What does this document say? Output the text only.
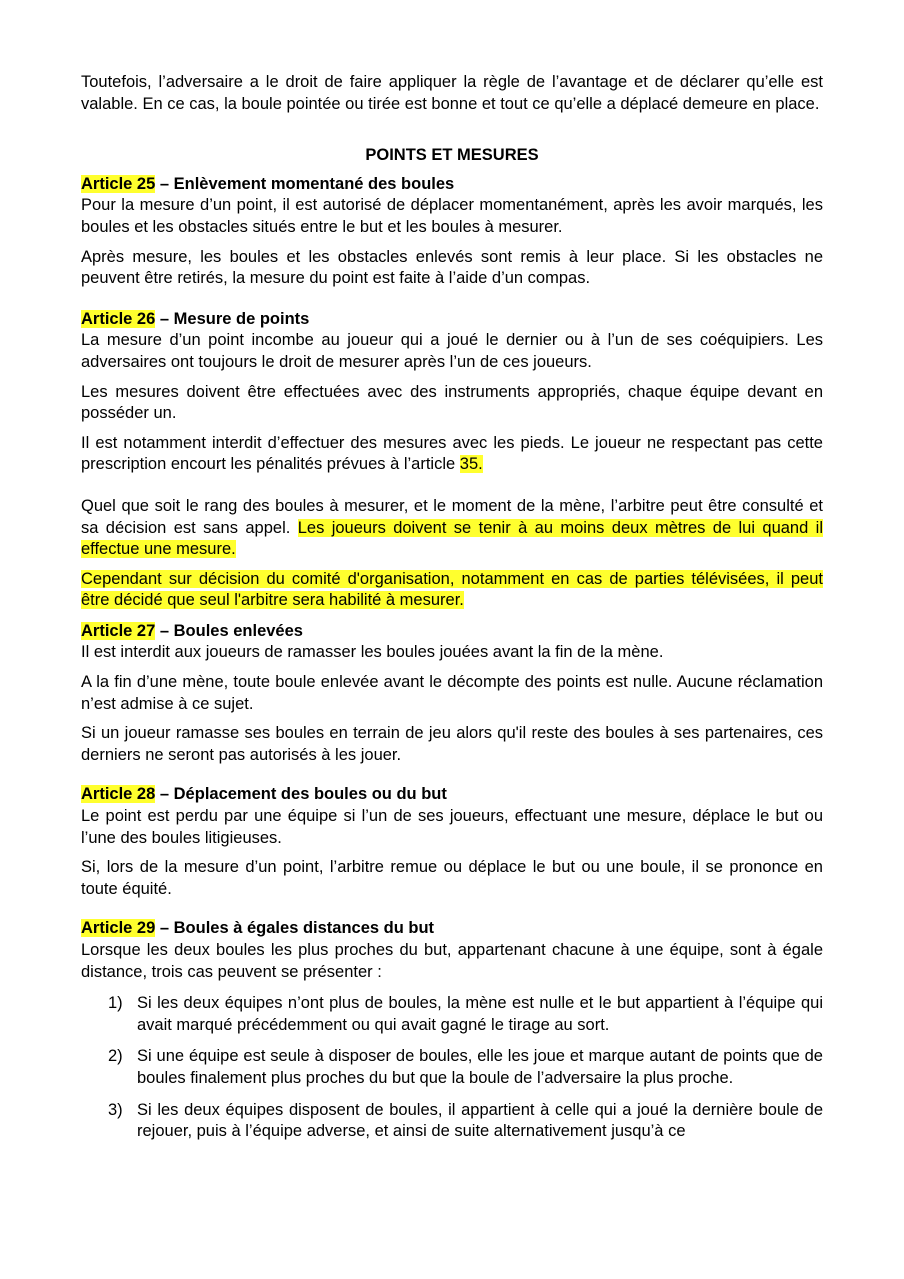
Toutefois, l’adversaire a le droit de faire appliquer la règle de l’avantage et de déclarer qu’elle est valable. En ce cas, la boule pointée ou tirée est bonne et tout ce qu’elle a déplacé demeure en place.

POINTS ET MESURES

Article 25 – Enlèvement momentané des boules

Pour la mesure d’un point, il est autorisé de déplacer momentanément, après les avoir marqués, les boules et les obstacles situés entre le but et les boules à mesurer.

Après mesure, les boules et les obstacles enlevés sont remis à leur place. Si les obstacles ne peuvent être retirés, la mesure du point est faite à l’aide d’un compas.

Article 26 – Mesure de points

La mesure d’un point incombe au joueur qui a joué le dernier ou à l’un de ses coéquipiers. Les adversaires ont toujours le droit de mesurer après l’un de ces joueurs.

Les mesures doivent être effectuées avec des instruments appropriés, chaque équipe devant en posséder un.

Il est notamment interdit d’effectuer des mesures avec les pieds. Le joueur ne respectant pas cette prescription encourt les pénalités prévues à l’article 35.

Quel que soit le rang des boules à mesurer, et le moment de la mène, l’arbitre peut être consulté et sa décision est sans appel. Les joueurs doivent se tenir à au moins deux mètres de lui quand il effectue une mesure.

Cependant sur décision du comité d'organisation, notamment en cas de parties télévisées, il peut être décidé que seul l'arbitre sera habilité à mesurer.

Article 27 – Boules enlevées

Il est interdit aux joueurs de ramasser les boules jouées avant la fin de la mène.

A la fin d’une mène, toute boule enlevée avant le décompte des points est nulle. Aucune réclamation n’est admise à ce sujet.

Si un joueur ramasse ses boules en terrain de jeu alors qu'il reste des boules à ses partenaires, ces derniers ne seront pas autorisés à les jouer.

Article 28 – Déplacement des boules ou du but

Le point est perdu par une équipe si l’un de ses joueurs, effectuant une mesure, déplace le but ou l’une des boules litigieuses.

Si, lors de la mesure d’un point, l’arbitre remue ou déplace le but ou une boule, il se prononce en toute équité.

Article 29 – Boules à égales distances du but

Lorsque les deux boules les plus proches du but, appartenant chacune à une équipe, sont à égale distance, trois cas peuvent se présenter :

1) Si les deux équipes n’ont plus de boules, la mène est nulle et le but appartient à l’équipe qui avait marqué précédemment ou qui avait gagné le tirage au sort.

2) Si une équipe est seule à disposer de boules, elle les joue et marque autant de points que de boules finalement plus proches du but que la boule de l’adversaire la plus proche.

3) Si les deux équipes disposent de boules, il appartient à celle qui a joué la dernière boule de rejouer, puis à l’équipe adverse, et ainsi de suite alternativement jusqu’à ce
